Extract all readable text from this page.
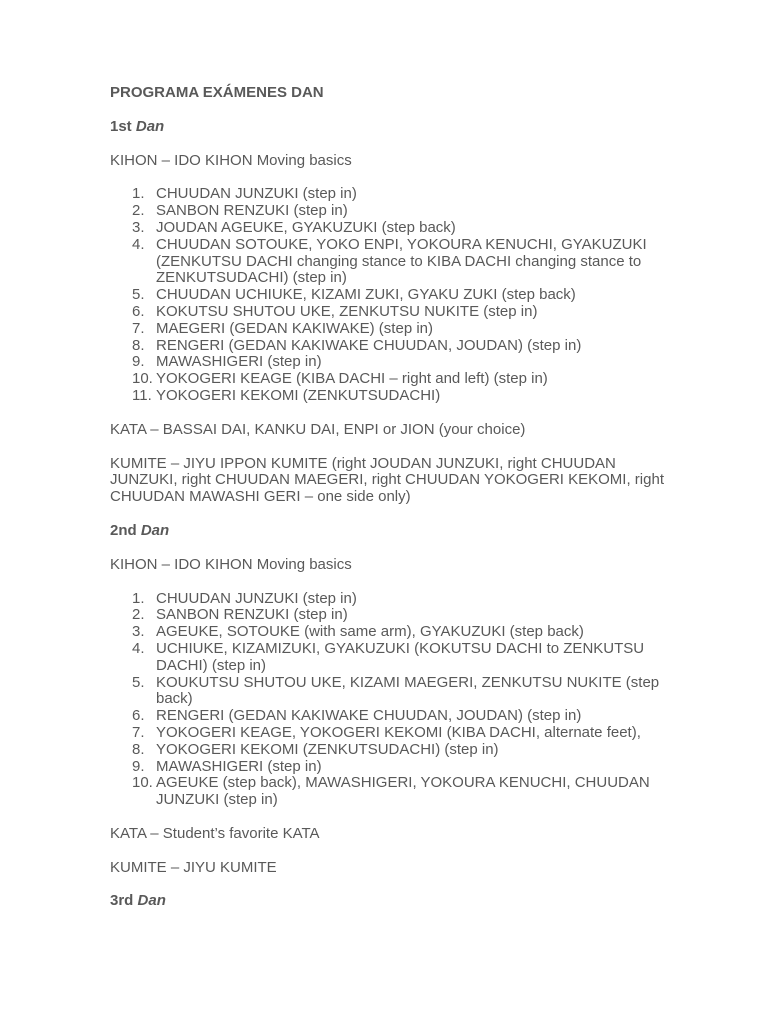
PROGRAMA EXÁMENES DAN

1st Dan

KIHON – IDO KIHON Moving basics

1. CHUUDAN JUNZUKI (step in)
2. SANBON RENZUKI (step in)
3. JOUDAN AGEUKE, GYAKUZUKI (step back)
4. CHUUDAN SOTOUKE, YOKO ENPI, YOKOURA KENUCHI, GYAKUZUKI (ZENKUTSU DACHI changing stance to KIBA DACHI changing stance to ZENKUTSUDACHI) (step in)
5. CHUUDAN UCHIUKE, KIZAMI ZUKI, GYAKU ZUKI (step back)
6. KOKUTSU SHUTOU UKE, ZENKUTSU NUKITE (step in)
7. MAEGERI (GEDAN KAKIWAKE) (step in)
8. RENGERI (GEDAN KAKIWAKE CHUUDAN, JOUDAN) (step in)
9. MAWASHIGERI (step in)
10. YOKOGERI KEAGE (KIBA DACHI – right and left) (step in)
11. YOKOGERI KEKOMI (ZENKUTSUDACHI)

KATA – BASSAI DAI, KANKU DAI, ENPI or JION (your choice)

KUMITE – JIYU IPPON KUMITE (right JOUDAN JUNZUKI, right CHUUDAN JUNZUKI, right CHUUDAN MAEGERI, right CHUUDAN YOKOGERI KEKOMI, right CHUUDAN MAWASHI GERI – one side only)

2nd Dan

KIHON – IDO KIHON Moving basics

1. CHUUDAN JUNZUKI (step in)
2. SANBON RENZUKI (step in)
3. AGEUKE, SOTOUKE (with same arm), GYAKUZUKI (step back)
4. UCHIUKE, KIZAMIZUKI, GYAKUZUKI (KOKUTSU DACHI to ZENKUTSU DACHI) (step in)
5. KOUKUTSU SHUTOU UKE, KIZAMI MAEGERI, ZENKUTSU NUKITE (step back)
6. RENGERI (GEDAN KAKIWAKE CHUUDAN, JOUDAN) (step in)
7. YOKOGERI KEAGE, YOKOGERI KEKOMI (KIBA DACHI, alternate feet),
8. YOKOGERI KEKOMI (ZENKUTSUDACHI) (step in)
9. MAWASHIGERI (step in)
10. AGEUKE (step back), MAWASHIGERI, YOKOURA KENUCHI, CHUUDAN JUNZUKI (step in)

KATA – Student’s favorite KATA

KUMITE – JIYU KUMITE

3rd Dan
